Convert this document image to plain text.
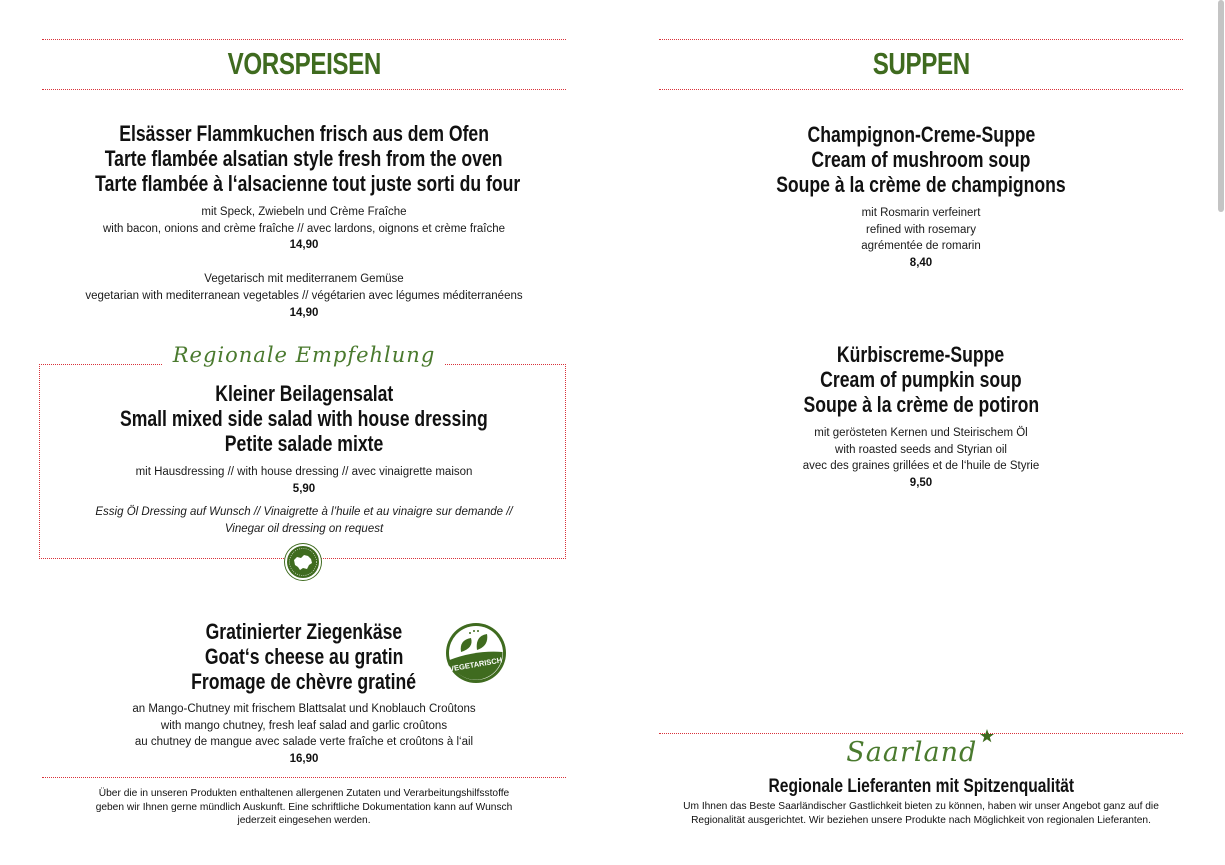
VORSPEISEN
Elsässer Flammkuchen frisch aus dem Ofen
Tarte flambée alsatian style fresh from the oven
Tarte flambée à l‘alsacienne tout juste sorti du four
mit Speck, Zwiebeln und Crème Fraîche
with bacon, onions and crème fraîche // avec lardons, oignons et crème fraîche
14,90
Vegetarisch mit mediterranem Gemüse
vegetarian with mediterranean vegetables // végétarien avec légumes méditerranéens
14,90
Regionale Empfehlung
Kleiner Beilagensalat
Small mixed side salad with house dressing
Petite salade mixte
mit Hausdressing // with house dressing // avec vinaigrette maison
5,90
Essig Öl Dressing auf Wunsch // Vinaigrette à l’huile et au vinaigre sur demande //
Vinegar oil dressing on request
Gratinierter Ziegenkäse
Goat‘s cheese au gratin
Fromage de chèvre gratiné
an Mango-Chutney mit frischem Blattsalat und Knoblauch Croûtons
with mango chutney, fresh leaf salad and garlic croûtons
au chutney de mangue avec salade verte fraîche et croûtons à l‘ail
16,90
VEGETARISCH
Über die in unseren Produkten enthaltenen allergenen Zutaten und Verarbeitungshilfsstoffe
geben wir Ihnen gerne mündlich Auskunft. Eine schriftliche Dokumentation kann auf Wunsch
jederzeit eingesehen werden.
SUPPEN
Champignon-Creme-Suppe
Cream of mushroom soup
Soupe à la crème de champignons
mit Rosmarin verfeinert
refined with rosemary
agrémentée de romarin
8,40
Kürbiscreme-Suppe
Cream of pumpkin soup
Soupe à la crème de potiron
mit gerösteten Kernen und Steirischem Öl
with roasted seeds and Styrian oil
avec des graines grillées et de l‘huile de Styrie
9,50
Saarland
Regionale Lieferanten mit Spitzenqualität
Um Ihnen das Beste Saarländischer Gastlichkeit bieten zu können, haben wir unser Angebot ganz auf die
Regionalität ausgerichtet. Wir beziehen unsere Produkte nach Möglichkeit von regionalen Lieferanten.
